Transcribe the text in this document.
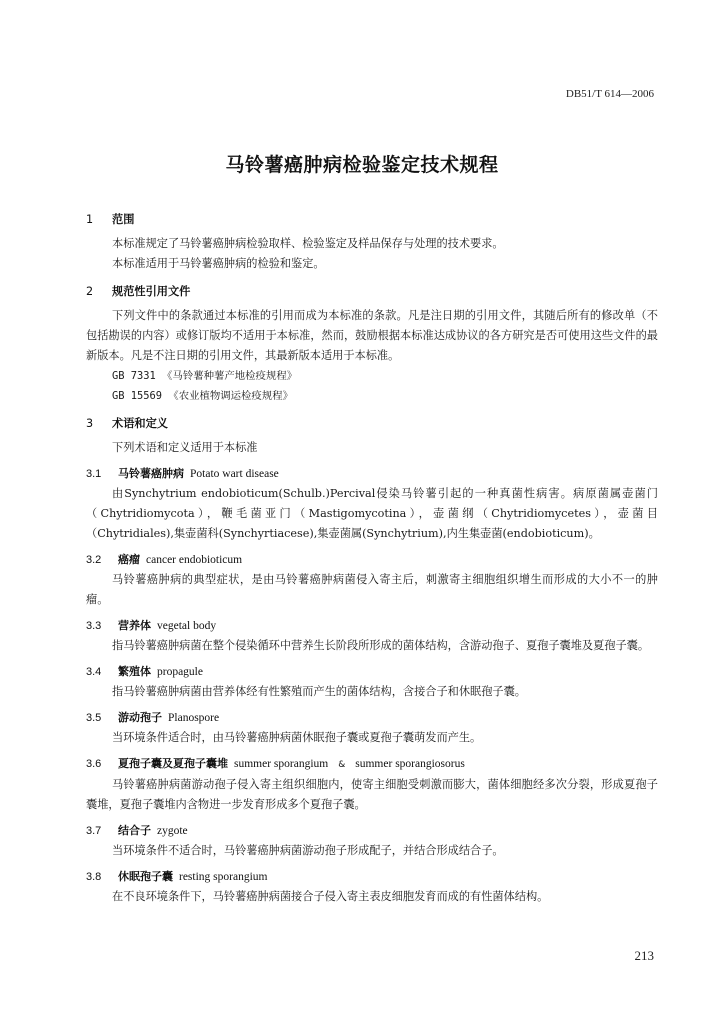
DB51/T 614—2006
马铃薯癌肿病检验鉴定技术规程
1 范围

本标准规定了马铃薯癌肿病检验取样、检验鉴定及样品保存与处理的技术要求。

本标准适用于马铃薯癌肿病的检验和鉴定。

2 规范性引用文件

下列文件中的条款通过本标准的引用而成为本标准的条款。凡是注日期的引用文件，其随后所有的修改单（不包括勘误的内容）或修订版均不适用于本标准，然而，鼓励根据本标准达成协议的各方研究是否可使用这些文件的最新版本。凡是不注日期的引用文件，其最新版本适用于本标准。

GB 7331 《马铃薯种薯产地检疫规程》

GB 15569 《农业植物调运检疫规程》

3 术语和定义

下列术语和定义适用于本标准

3.1 马铃薯癌肿病 Potato wart disease

由Synchytrium endobioticum(Schulb.)Percival侵染马铃薯引起的一种真菌性病害。病原菌属壶菌门（Chytridiomycota），鞭毛菌亚门（Mastigomycotina），壶菌纲（Chytridiomycetes），壶菌目（Chytridiales),集壶菌科(Synchyrtiacese),集壶菌属(Synchytrium),内生集壶菌(endobioticum)。

3.2 癌瘤 cancer endobioticum

马铃薯癌肿病的典型症状，是由马铃薯癌肿病菌侵入寄主后，刺激寄主细胞组织增生而形成的大小不一的肿瘤。

3.3 营养体 vegetal body

指马铃薯癌肿病菌在整个侵染循环中营养生长阶段所形成的菌体结构，含游动孢子、夏孢子囊堆及夏孢子囊。

3.4 繁殖体 propagule

指马铃薯癌肿病菌由营养体经有性繁殖而产生的菌体结构，含接合子和休眠孢子囊。

3.5 游动孢子 Planospore

当环境条件适合时，由马铃薯癌肿病菌休眠孢子囊或夏孢子囊萌发而产生。

3.6 夏孢子囊及夏孢子囊堆 summer sporangium & summer sporangiosorus

马铃薯癌肿病菌游动孢子侵入寄主组织细胞内，使寄主细胞受刺激而膨大，菌体细胞经多次分裂，形成夏孢子囊堆，夏孢子囊堆内含物进一步发育形成多个夏孢子囊。

3.7 结合子 zygote

当环境条件不适合时，马铃薯癌肿病菌游动孢子形成配子，并结合形成结合子。

3.8 休眠孢子囊 resting sporangium

在不良环境条件下，马铃薯癌肿病菌接合子侵入寄主表皮细胞发育而成的有性菌体结构。

213
